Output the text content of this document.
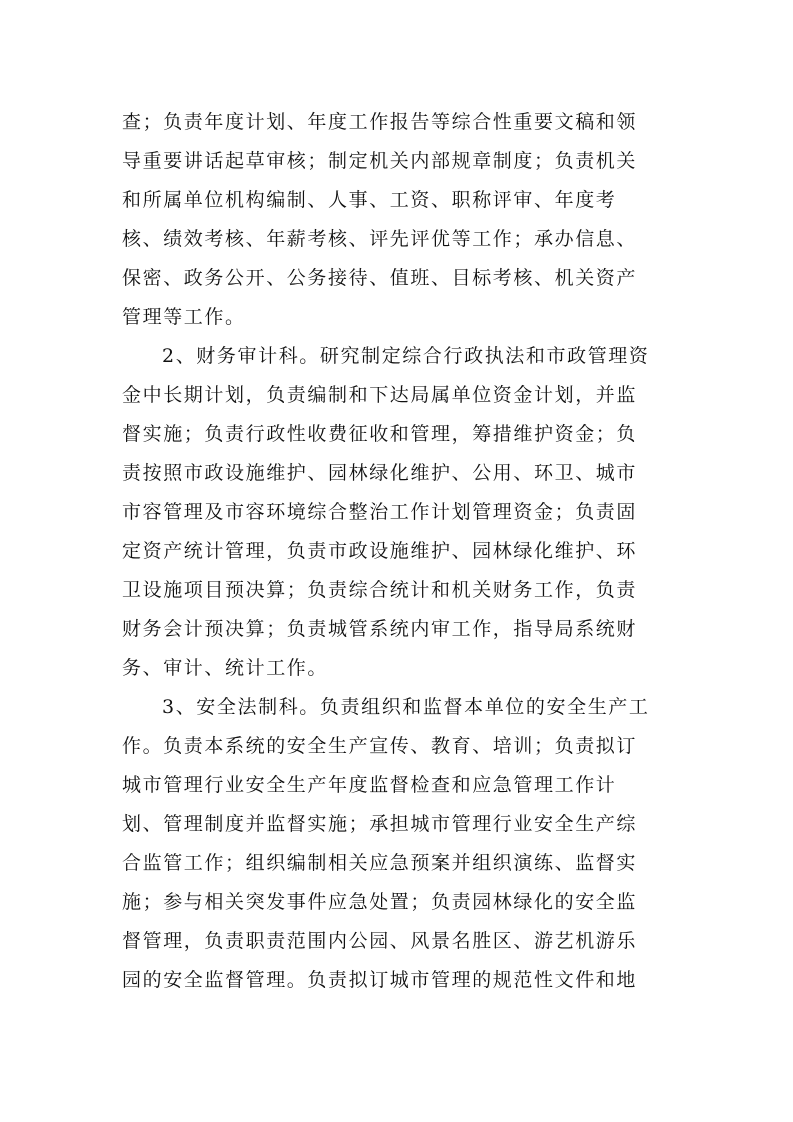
查；负责年度计划、年度工作报告等综合性重要文稿和领
导重要讲话起草审核；制定机关内部规章制度；负责机关
和所属单位机构编制、人事、工资、职称评审、年度考
核、绩效考核、年薪考核、评先评优等工作；承办信息、
保密、政务公开、公务接待、值班、目标考核、机关资产
管理等工作。
2、财务审计科。研究制定综合行政执法和市政管理资
金中长期计划，负责编制和下达局属单位资金计划，并监
督实施；负责行政性收费征收和管理，筹措维护资金；负
责按照市政设施维护、园林绿化维护、公用、环卫、城市
市容管理及市容环境综合整治工作计划管理资金；负责固
定资产统计管理，负责市政设施维护、园林绿化维护、环
卫设施项目预决算；负责综合统计和机关财务工作，负责
财务会计预决算；负责城管系统内审工作，指导局系统财
务、审计、统计工作。
3、安全法制科。负责组织和监督本单位的安全生产工
作。负责本系统的安全生产宣传、教育、培训；负责拟订
城市管理行业安全生产年度监督检查和应急管理工作计
划、管理制度并监督实施；承担城市管理行业安全生产综
合监管工作；组织编制相关应急预案并组织演练、监督实
施；参与相关突发事件应急处置；负责园林绿化的安全监
督管理，负责职责范围内公园、风景名胜区、游艺机游乐
园的安全监督管理。负责拟订城市管理的规范性文件和地
